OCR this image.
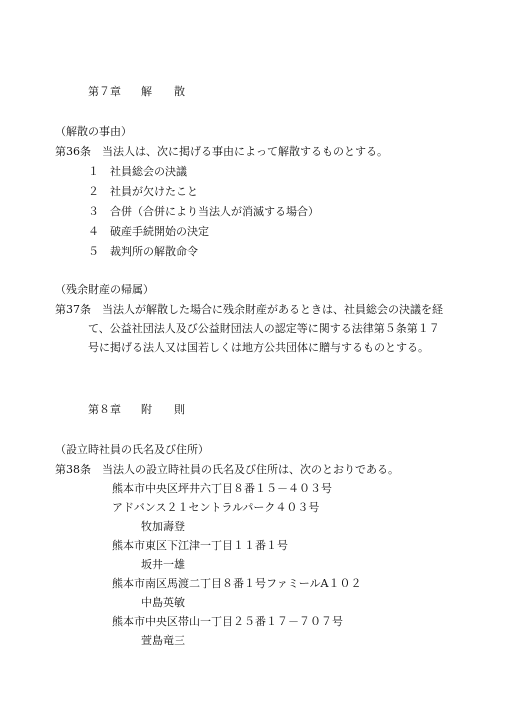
第７章 解　　散
（解散の事由）
第36条　当法人は、次に掲げる事由によって解散するものとする。
１ 社員総会の決議
２ 社員が欠けたこと
３ 合併（合併により当法人が消滅する場合）
４ 破産手続開始の決定
５ 裁判所の解散命令
（残余財産の帰属）
第37条　当法人が解散した場合に残余財産があるときは、社員総会の決議を経
て、公益社団法人及び公益財団法人の認定等に関する法律第５条第１７
号に掲げる法人又は国若しくは地方公共団体に贈与するものとする。
第８章 附　　則
（設立時社員の氏名及び住所）
第38条　当法人の設立時社員の氏名及び住所は、次のとおりである。
熊本市中央区坪井六丁目８番１５－４０３号
アドバンス２１セントラルパーク４０３号
牧加壽登
熊本市東区下江津一丁目１１番１号
坂井一雄
熊本市南区馬渡二丁目８番１号ファミールA１０２
中島英敏
熊本市中央区帯山一丁目２５番１７－７０７号
萱島竜三
